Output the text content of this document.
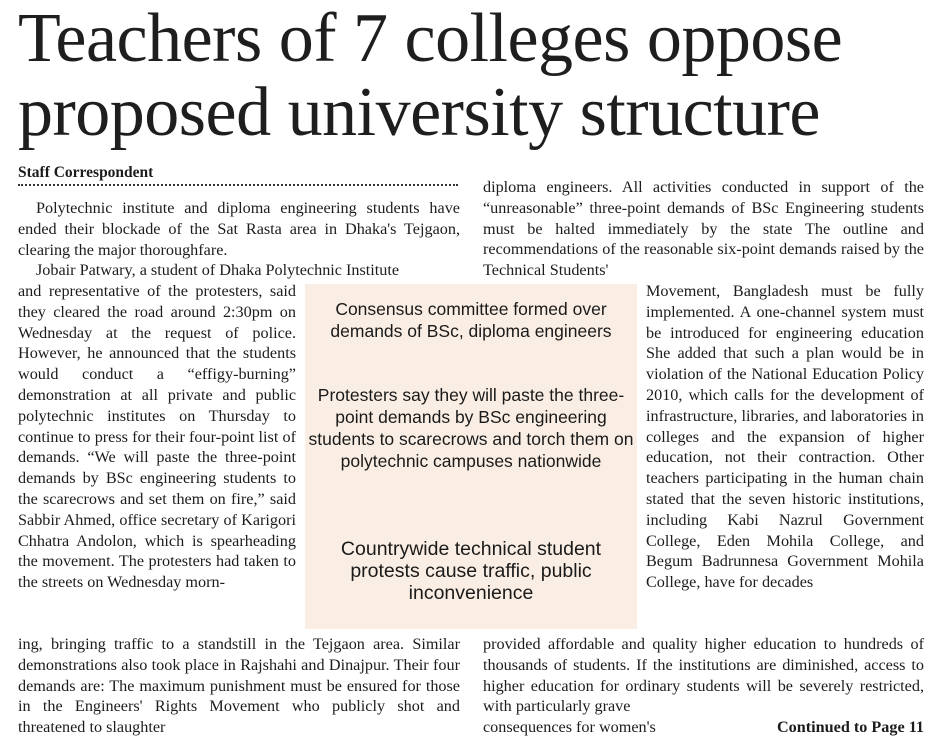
Teachers of 7 colleges oppose proposed university structure
Staff Correspondent

Polytechnic institute and diploma engineering students have ended their blockade of the Sat Rasta area in Dhaka's Tejgaon, clearing the major thoroughfare.

Jobair Patwary, a student of Dhaka Polytechnic Institute

and representative of the protesters, said they cleared the road around 2:30pm on Wednesday at the request of police. However, he announced that the students would conduct a “effigy-burning” demonstration at all private and public polytechnic institutes on Thursday to continue to press for their four-point list of demands. “We will paste the three-point demands by BSc engineering students to the scarecrows and set them on fire,” said Sabbir Ahmed, office secretary of Karigori Chhatra Andolon, which is spearheading the movement. The protesters had taken to the streets on Wednesday morn-

ing, bringing traffic to a standstill in the Tejgaon area. Similar demonstrations also took place in Rajshahi and Dinajpur. Their four demands are: The maximum punishment must be ensured for those in the Engineers' Rights Movement who publicly shot and threatened to slaughter

Consensus committee formed over demands of BSc, diploma engineers

Protesters say they will paste the three-point demands by BSc engineering students to scarecrows and torch them on polytechnic campuses nationwide

Countrywide technical student protests cause traffic, public inconvenience

diploma engineers. All activities conducted in support of the “unreasonable” three-point demands of BSc Engineering students must be halted immediately by the state The outline and recommendations of the reasonable six-point demands raised by the Technical Students'

Movement, Bangladesh must be fully implemented. A one-channel system must be introduced for engineering education She added that such a plan would be in violation of the National Education Policy 2010, which calls for the development of infrastructure, libraries, and laboratories in colleges and the expansion of higher education, not their contraction. Other teachers participating in the human chain stated that the seven historic institutions, including Kabi Nazrul Government College, Eden Mohila College, and Begum Badrunnesa Government Mohila College, have for decades

provided affordable and quality higher education to hundreds of thousands of students. If the institutions are diminished, access to higher education for ordinary students will be severely restricted, with particularly grave

consequences for women's	Continued to Page 11
